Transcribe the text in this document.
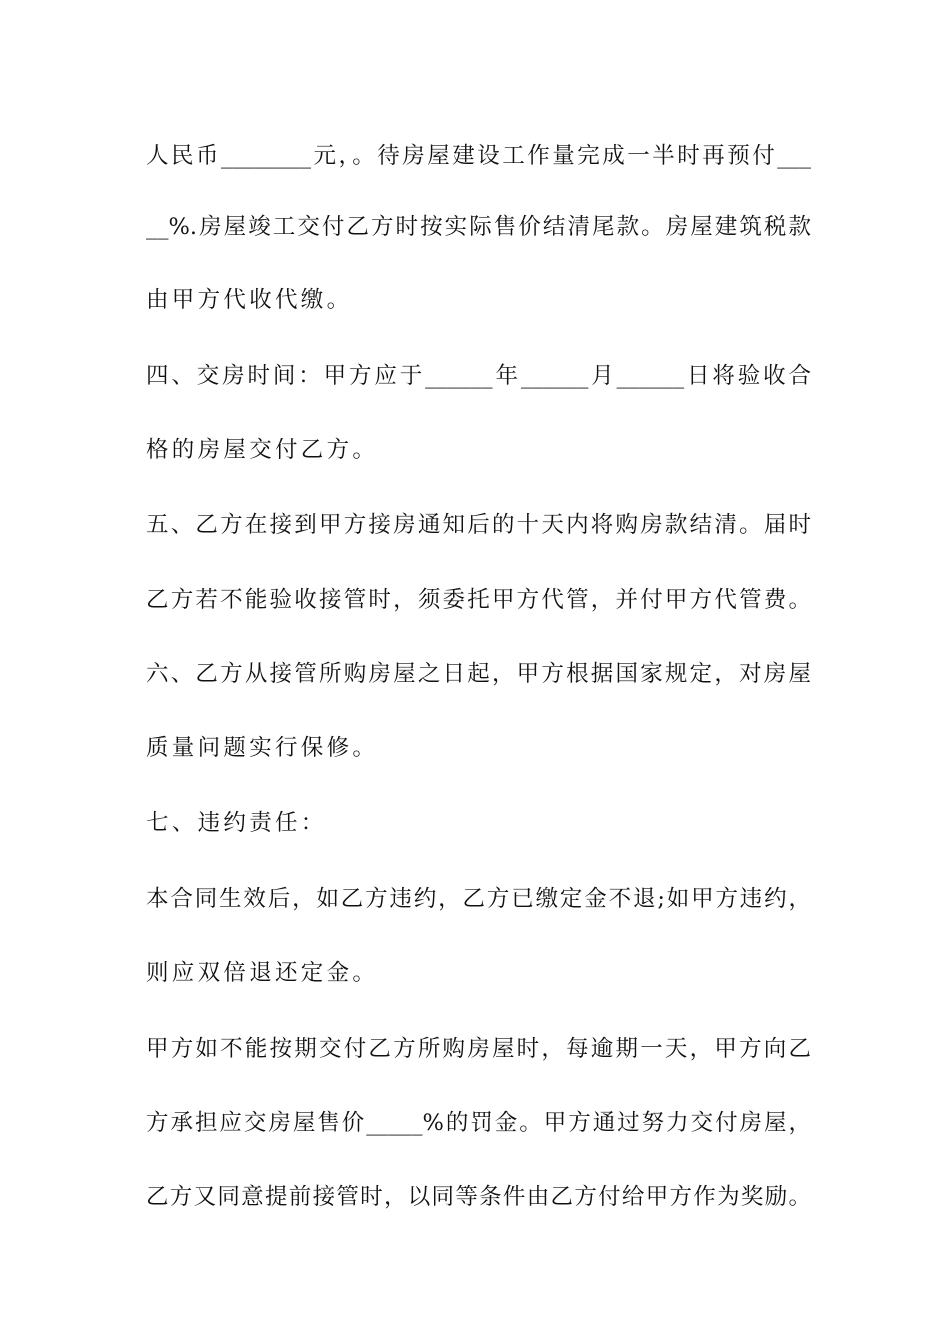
人民币________元，。待房屋建设工作量完成一半时再预付___
__%.房屋竣工交付乙方时按实际售价结清尾款。房屋建筑税款
由甲方代收代缴。
四、交房时间：甲方应于______年______月______日将验收合
格的房屋交付乙方。
五、乙方在接到甲方接房通知后的十天内将购房款结清。届时
乙方若不能验收接管时，须委托甲方代管，并付甲方代管费。
六、乙方从接管所购房屋之日起，甲方根据国家规定，对房屋
质量问题实行保修。
七、违约责任：
本合同生效后，如乙方违约，乙方已缴定金不退;如甲方违约，
则应双倍退还定金。
甲方如不能按期交付乙方所购房屋时，每逾期一天，甲方向乙
方承担应交房屋售价_____%的罚金。甲方通过努力交付房屋，
乙方又同意提前接管时，以同等条件由乙方付给甲方作为奖励。
